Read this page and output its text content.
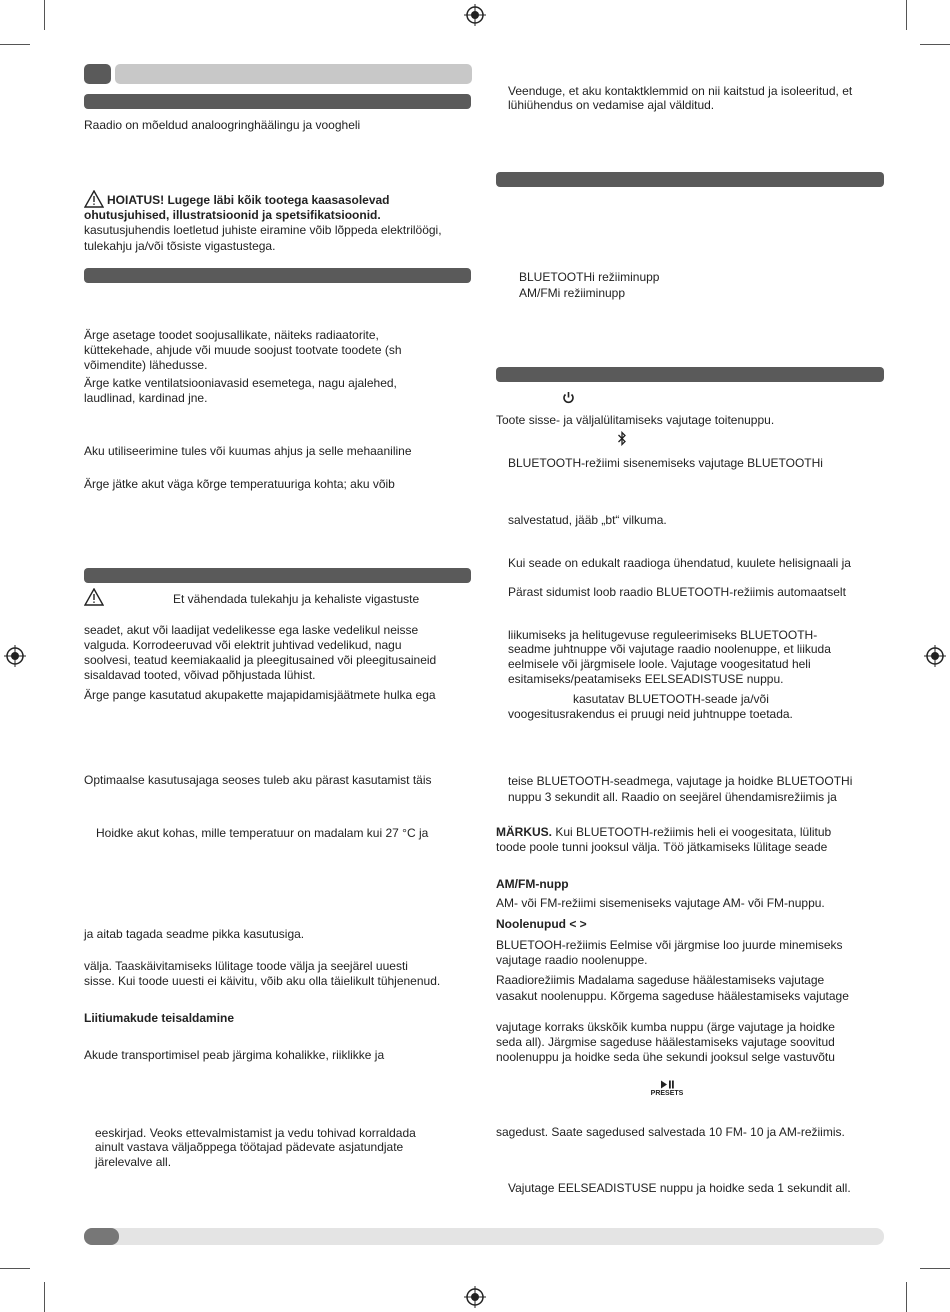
Raadio on mõeldud analoogringhäälingu ja voogheli

HOIATUS! Lugege läbi kõik tootega kaasasolevad

ohutusjuhised, illustratsioonid ja spetsifikatsioonid.

kasutusjuhendis loetletud juhiste eiramine võib lõppeda elektrilöögi,

tulekahju ja/või tõsiste vigastustega.

Ärge asetage toodet soojusallikate, näiteks radiaatorite,

küttekehade, ahjude või muude soojust tootvate toodete (sh

võimendite) lähedusse.

Ärge katke ventilatsiooniavasid esemetega, nagu ajalehed,

laudlinad, kardinad jne.

Aku utiliseerimine tules või kuumas ahjus ja selle mehaaniline

Ärge jätke akut väga kõrge temperatuuriga kohta; aku võib

Et vähendada tulekahju ja kehaliste vigastuste

seadet, akut või laadijat vedelikesse ega laske vedelikul neisse

valguda. Korrodeeruvad või elektrit juhtivad vedelikud, nagu

soolvesi, teatud keemiakaalid ja pleegitusained või pleegitusaineid

sisaldavad tooted, võivad põhjustada lühist.

Ärge pange kasutatud akupakette majapidamisjäätmete hulka ega

Optimaalse kasutusajaga seoses tuleb aku pärast kasutamist täis

Hoidke akut kohas, mille temperatuur on madalam kui 27 °C ja

ja aitab tagada seadme pikka kasutusiga.

välja. Taaskäivitamiseks lülitage toode välja ja seejärel uuesti

sisse. Kui toode uuesti ei käivitu, võib aku olla täielikult tühjenenud.

Liitiumakude teisaldamine

Akude transportimisel peab järgima kohalikke, riiklikke ja

eeskirjad. Veoks ettevalmistamist ja vedu tohivad korraldada

ainult vastava väljaõppega töötajad pädevate asjatundjate

järelevalve all.

Veenduge, et aku kontaktklemmid on nii kaitstud ja isoleeritud, et

lühiühendus on vedamise ajal välditud.

BLUETOOTHi režiiminupp

AM/FMi režiiminupp

Toote sisse- ja väljalülitamiseks vajutage toitenuppu.

BLUETOOTH-režiimi sisenemiseks vajutage BLUETOOTHi

salvestatud, jääb „bt“ vilkuma.

Kui seade on edukalt raadioga ühendatud, kuulete helisignaali ja

Pärast sidumist loob raadio BLUETOOTH-režiimis automaatselt

liikumiseks ja helitugevuse reguleerimiseks BLUETOOTH-

seadme juhtnuppe või vajutage raadio noolenuppe, et liikuda

eelmisele või järgmisele loole. Vajutage voogesitatud heli

esitamiseks/peatamiseks EELSEADISTUSE nuppu.

kasutatav BLUETOOTH-seade ja/või

voogesitusrakendus ei pruugi neid juhtnuppe toetada.

teise BLUETOOTH-seadmega, vajutage ja hoidke BLUETOOTHi

nuppu 3 sekundit all. Raadio on seejärel ühendamisrežiimis ja

MÄRKUS. Kui BLUETOOTH-režiimis heli ei voogesitata, lülitub

toode poole tunni jooksul välja. Töö jätkamiseks lülitage seade

AM/FM-nupp

AM- või FM-režiimi sisemeniseks vajutage AM- või FM-nuppu.

Noolenupud < >

BLUETOOH-režiimis Eelmise või järgmise loo juurde minemiseks

vajutage raadio noolenuppe.

Raadiorežiimis Madalama sageduse häälestamiseks vajutage

vasakut noolenuppu. Kõrgema sageduse häälestamiseks vajutage

vajutage korraks ükskõik kumba nuppu (ärge vajutage ja hoidke

seda all). Järgmise sageduse häälestamiseks vajutage soovitud

noolenuppu ja hoidke seda ühe sekundi jooksul selge vastuvõtu

PRESETS

sagedust. Saate sagedused salvestada 10 FM- 10 ja AM-režiimis.

Vajutage EELSEADISTUSE nuppu ja hoidke seda 1 sekundit all.
